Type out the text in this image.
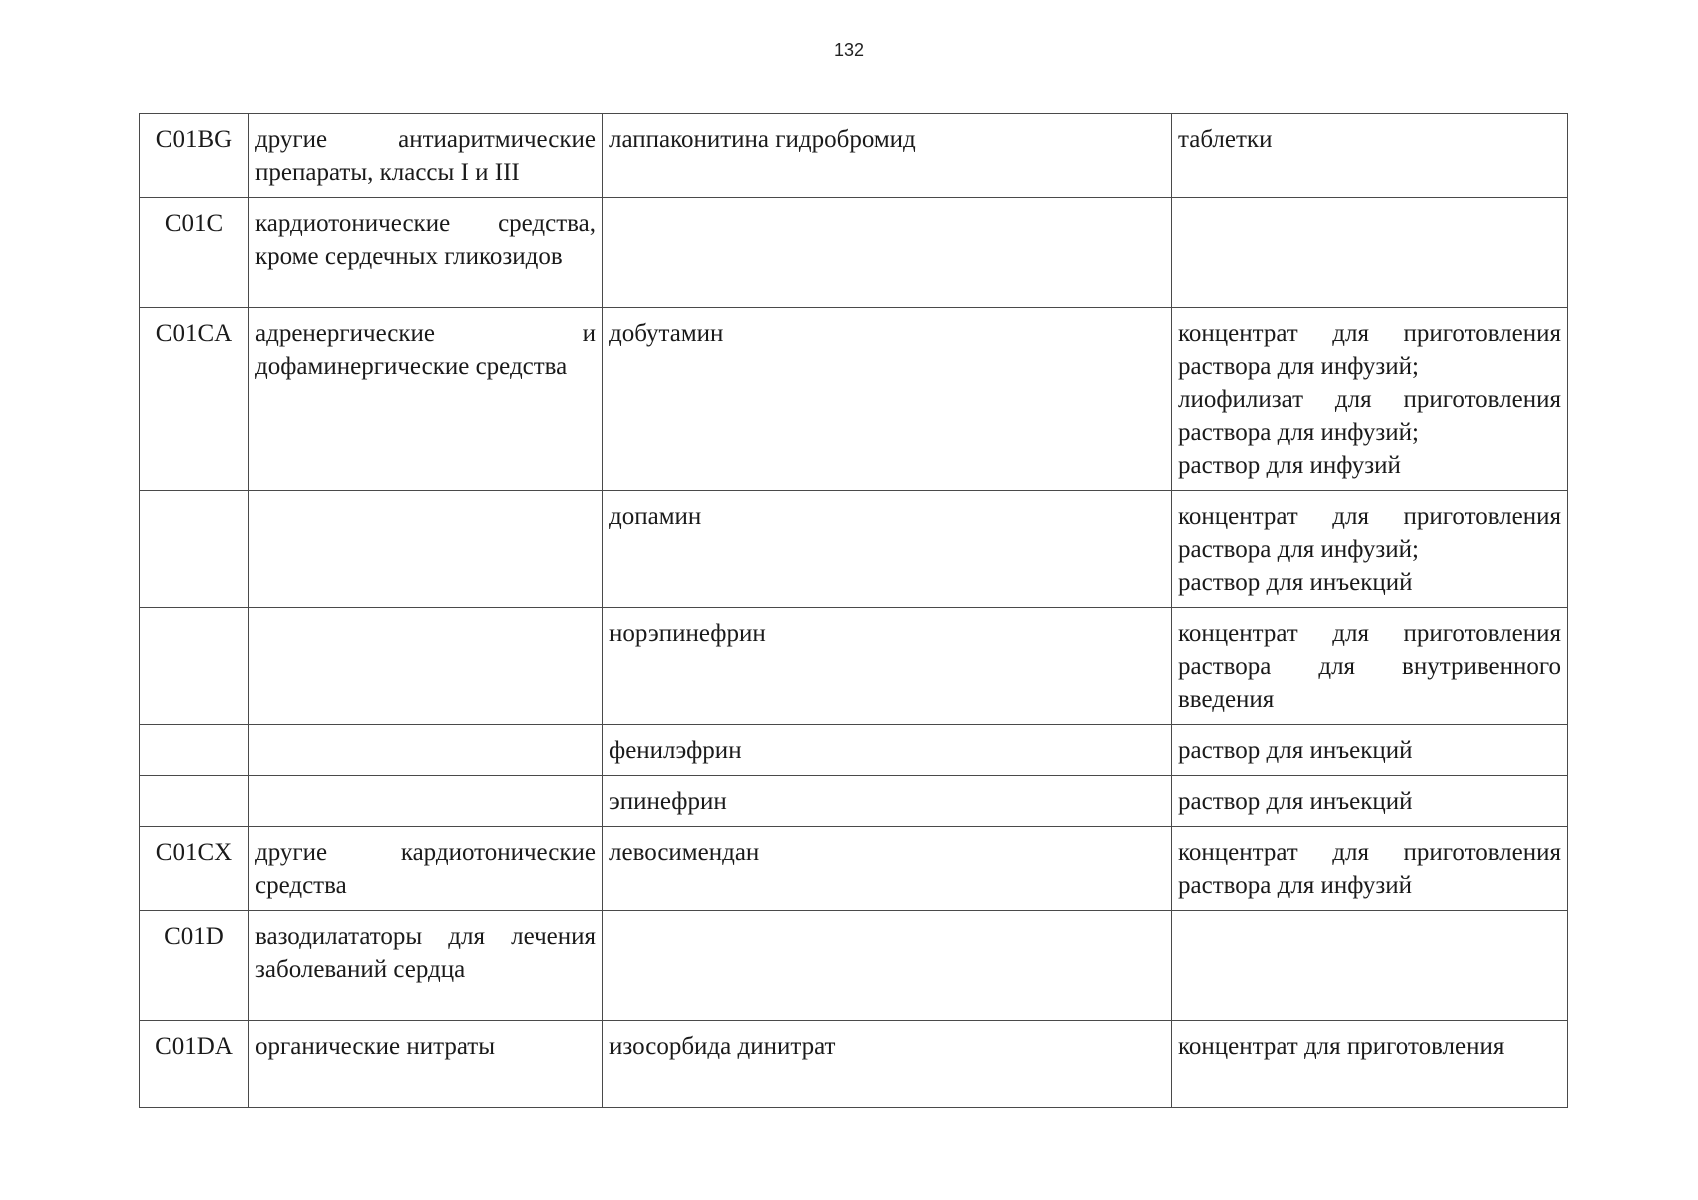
132
C01BG	другие антиаритмические препараты, классы I и III	лаппаконитина гидробромид	таблетки

C01C	кардиотонические средства, кроме сердечных гликозидов		
C01CA	адренергические и дофаминергические средства	добутамин	концентрат для приготовления раствора для инфузий;
лиофилизат для приготовления раствора для инфузий;
раствор для инфузий

		допамин	концентрат для приготовления раствора для инфузий;
раствор для инъекций

		норэпинефрин	концентрат для приготовления раствора для внутривенного введения

		фенилэфрин	раствор для инъекций

		эпинефрин	раствор для инъекций

C01CX	другие кардиотонические средства	левосимендан	концентрат для приготовления раствора для инфузий

C01D	вазодилататоры для лечения заболеваний сердца		
C01DA	органические нитраты	изосорбида динитрат	концентрат для приготовления
